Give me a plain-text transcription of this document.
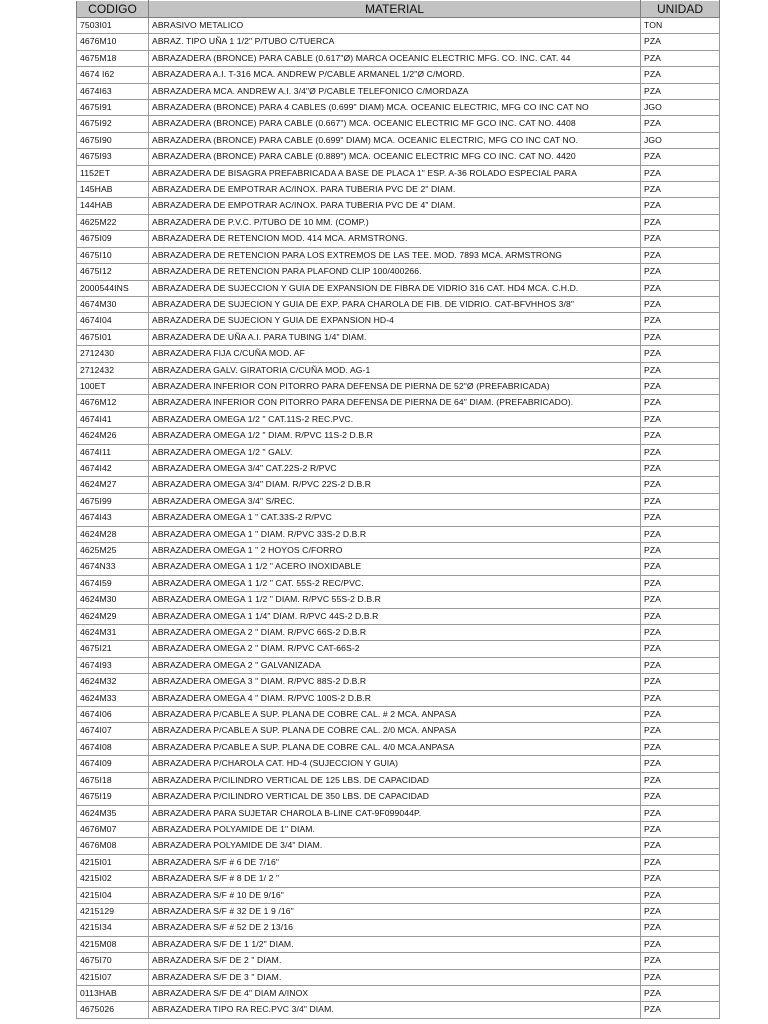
CODIGO	MATERIAL	UNIDAD
7503I01	ABRASIVO METALICO	TON
4676M10	ABRAZ. TIPO UÑA 1 1/2" P/TUBO C/TUERCA	PZA
4675M18	ABRAZADERA (BRONCE) PARA CABLE (0.617"Ø) MARCA OCEANIC ELECTRIC MFG. CO. INC. CAT. 44	PZA
4674 I62	ABRAZADERA A.I. T-316 MCA. ANDREW P/CABLE ARMANEL 1/2"Ø C/MORD.	PZA
4674I63	ABRAZADERA MCA. ANDREW A.I. 3/4"Ø P/CABLE TELEFONICO C/MORDAZA	PZA
4675I91	ABRAZADERA (BRONCE) PARA 4 CABLES (0.699" DIAM) MCA. OCEANIC ELECTRIC, MFG CO INC CAT NO	JGO
4675I92	ABRAZADERA (BRONCE) PARA CABLE (0.667") MCA. OCEANIC ELECTRIC MF GCO INC. CAT NO. 4408	PZA
4675I90	ABRAZADERA (BRONCE) PARA CABLE (0.699" DIAM) MCA. OCEANIC ELECTRIC, MFG CO INC CAT NO.	JGO
4675I93	ABRAZADERA (BRONCE) PARA CABLE (0.889") MCA. OCEANIC ELECTRIC MFG CO INC. CAT NO. 4420	PZA
1152ET	ABRAZADERA DE BISAGRA PREFABRICADA A BASE DE PLACA 1" ESP. A-36 ROLADO ESPECIAL PARA	PZA
145HAB	ABRAZADERA DE EMPOTRAR AC/INOX. PARA TUBERIA PVC DE 2" DIAM.	PZA
144HAB	ABRAZADERA DE EMPOTRAR AC/INOX. PARA TUBERIA PVC DE 4" DIAM.	PZA
4625M22	ABRAZADERA DE P.V.C. P/TUBO DE 10 MM. (COMP.)	PZA
4675I09	ABRAZADERA DE RETENCION MOD. 414 MCA. ARMSTRONG.	PZA
4675I10	ABRAZADERA DE RETENCION PARA LOS EXTREMOS DE LAS TEE. MOD. 7893 MCA. ARMSTRONG	PZA
4675I12	ABRAZADERA DE RETENCION PARA PLAFOND CLIP 100/400266.	PZA
2000544INS	ABRAZADERA DE SUJECCION Y GUIA DE EXPANSION DE FIBRA DE VIDRIO 316 CAT. HD4 MCA. C.H.D.	PZA
4674M30	ABRAZADERA DE SUJECION Y GUIA DE EXP. PARA CHAROLA DE FIB. DE VIDRIO. CAT-BFVHHOS 3/8"	PZA
4674I04	ABRAZADERA DE SUJECION Y GUIA DE EXPANSION HD-4	PZA
4675I01	ABRAZADERA DE UÑA A.I. PARA TUBING 1/4" DIAM.	PZA
2712430	ABRAZADERA FIJA C/CUÑA MOD. AF	PZA
2712432	ABRAZADERA GALV. GIRATORIA C/CUÑA MOD. AG-1	PZA
100ET	ABRAZADERA INFERIOR CON PITORRO PARA DEFENSA DE PIERNA DE 52"Ø (PREFABRICADA)	PZA
4676M12	ABRAZADERA INFERIOR CON PITORRO PARA DEFENSA DE PIERNA DE 64" DIAM. (PREFABRICADO).	PZA
4674I41	ABRAZADERA OMEGA 1/2 " CAT.11S-2 REC.PVC.	PZA
4624M26	ABRAZADERA OMEGA 1/2 " DIAM. R/PVC 11S-2 D.B.R	PZA
4674I11	ABRAZADERA OMEGA 1/2 " GALV.	PZA
4674I42	ABRAZADERA OMEGA 3/4" CAT.22S-2 R/PVC	PZA
4624M27	ABRAZADERA OMEGA 3/4" DIAM. R/PVC 22S-2 D.B.R	PZA
4675I99	ABRAZADERA OMEGA 3/4" S/REC.	PZA
4674I43	ABRAZADERA OMEGA 1 " CAT.33S-2 R/PVC	PZA
4624M28	ABRAZADERA OMEGA 1 " DIAM. R/PVC 33S-2 D.B.R	PZA
4625M25	ABRAZADERA OMEGA 1 " 2 HOYOS C/FORRO	PZA
4674N33	ABRAZADERA OMEGA 1 1/2 " ACERO INOXIDABLE	PZA
4674I59	ABRAZADERA OMEGA 1 1/2 " CAT. 55S-2 REC/PVC.	PZA
4624M30	ABRAZADERA OMEGA 1 1/2 " DIAM. R/PVC 55S-2 D.B.R	PZA
4624M29	ABRAZADERA OMEGA 1 1/4" DIAM. R/PVC 44S-2 D.B.R	PZA
4624M31	ABRAZADERA OMEGA 2 " DIAM. R/PVC 66S-2 D.B.R	PZA
4675I21	ABRAZADERA OMEGA 2 " DIAM. R/PVC CAT-66S-2	PZA
4674I93	ABRAZADERA OMEGA 2 " GALVANIZADA	PZA
4624M32	ABRAZADERA OMEGA 3 " DIAM. R/PVC 88S-2 D.B.R	PZA
4624M33	ABRAZADERA OMEGA 4 " DIAM. R/PVC 100S-2 D.B.R	PZA
4674I06	ABRAZADERA P/CABLE A SUP. PLANA DE COBRE CAL. # 2 MCA. ANPASA	PZA
4674I07	ABRAZADERA P/CABLE A SUP. PLANA DE COBRE CAL. 2/0 MCA. ANPASA	PZA
4674I08	ABRAZADERA P/CABLE A SUP. PLANA DE COBRE CAL. 4/0 MCA.ANPASA	PZA
4674I09	ABRAZADERA P/CHAROLA CAT. HD-4 (SUJECCION Y GUIA)	PZA
4675I18	ABRAZADERA P/CILINDRO VERTICAL DE 125 LBS. DE CAPACIDAD	PZA
4675I19	ABRAZADERA P/CILINDRO VERTICAL DE 350 LBS. DE CAPACIDAD	PZA
4624M35	ABRAZADERA PARA SUJETAR CHAROLA B-LINE CAT-9F099044P.	PZA
4676M07	ABRAZADERA POLYAMIDE DE 1" DIAM.	PZA
4676M08	ABRAZADERA POLYAMIDE DE 3/4" DIAM.	PZA
4215I01	ABRAZADERA S/F # 6 DE 7/16"	PZA
4215I02	ABRAZADERA S/F # 8 DE 1/ 2 "	PZA
4215I04	ABRAZADERA S/F # 10 DE 9/16"	PZA
4215129	ABRAZADERA S/F # 32 DE 1 9 /16"	PZA
4215I34	ABRAZADERA S/F # 52 DE 2 13/16	PZA
4215M08	ABRAZADERA S/F DE 1 1/2" DIAM.	PZA
4675I70	ABRAZADERA S/F DE 2 " DIAM.	PZA
4215I07	ABRAZADERA S/F DE 3 " DIAM.	PZA
0113HAB	ABRAZADERA S/F DE 4" DIAM A/INOX	PZA
4675026	ABRAZADERA TIPO RA REC.PVC 3/4" DIAM.	PZA
